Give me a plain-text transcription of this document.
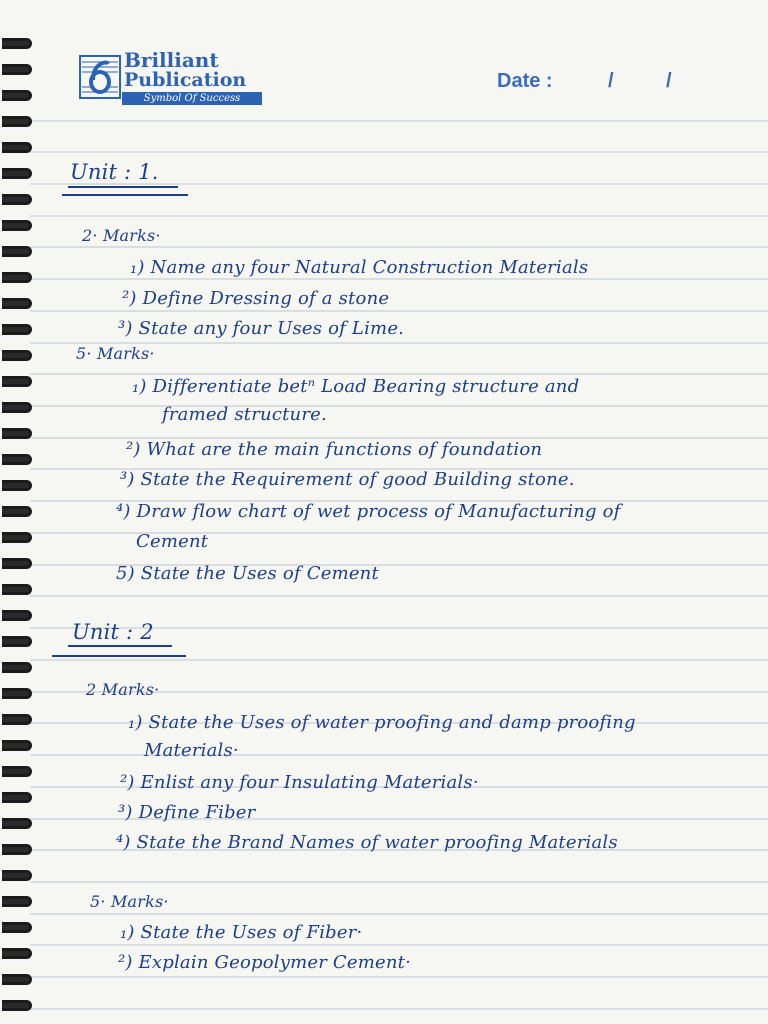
Brilliant
Publication
Symbol Of Success
Date :	/	/
Unit : 1.
2· Marks·
₁) Name any four Natural Construction Materials
²) Define Dressing of a stone
³) State any four Uses of Lime.
5· Marks·
₁) Differentiate betⁿ Load Bearing structure and
framed structure.
²) What are the main functions of foundation
³) State the Requirement of good Building stone.
⁴) Draw flow chart of wet process of Manufacturing of
Cement
5) State the Uses of Cement
Unit : 2
2 Marks·
₁) State the Uses of water proofing and damp proofing
Materials·
²) Enlist any four Insulating Materials·
³) Define Fiber
⁴) State the Brand Names of water proofing Materials
5· Marks·
₁) State the Uses of Fiber·
²) Explain Geopolymer Cement·
